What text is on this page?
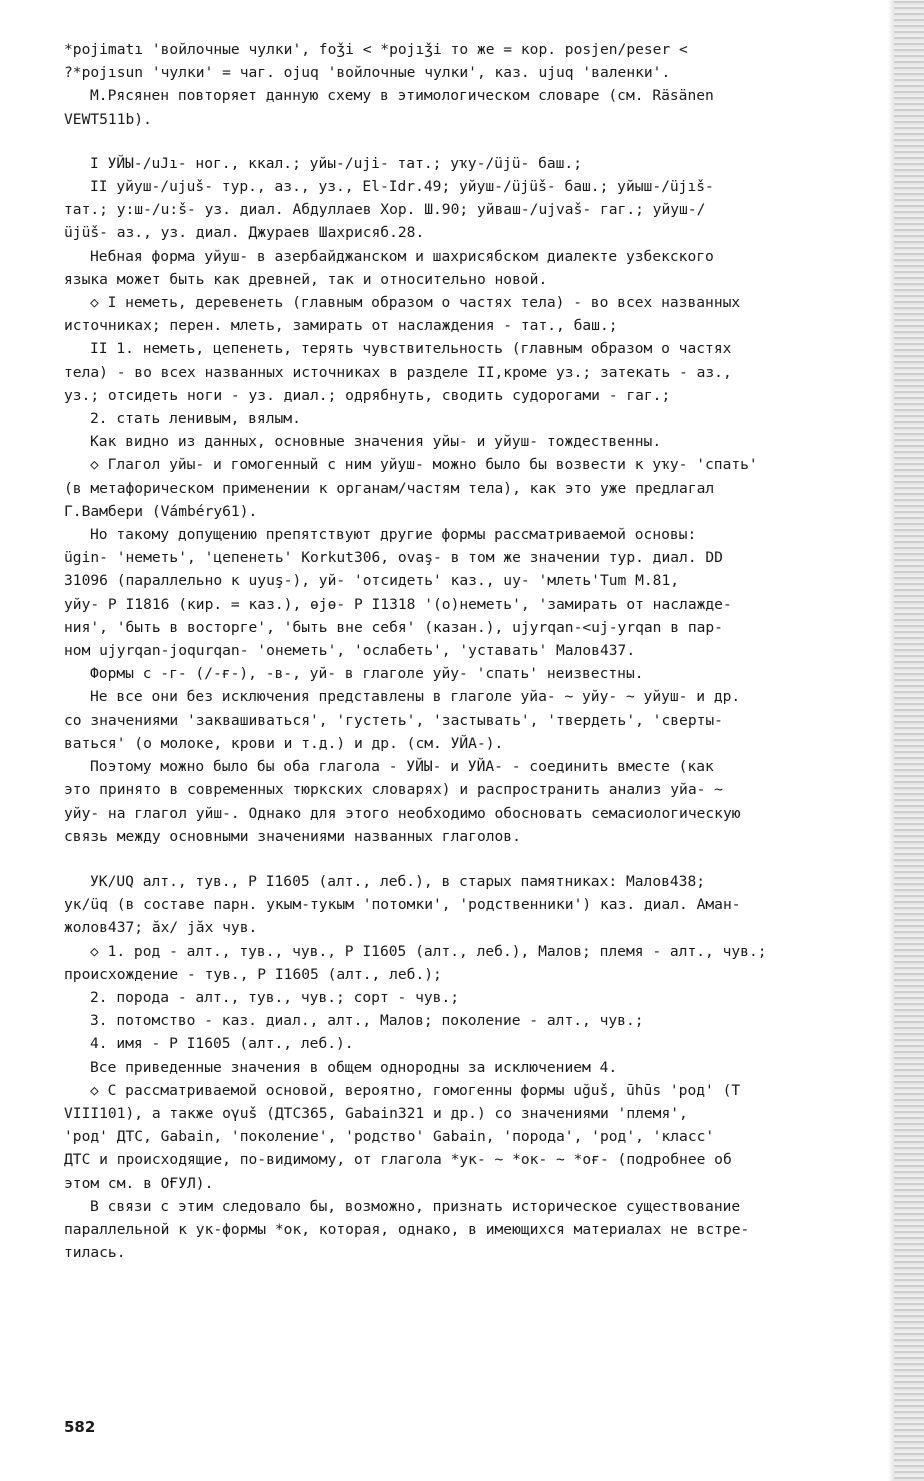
*pojimatı 'войлочные чулки', foǯi < *pojıǯi то же = кор. posjen/peser <
?*pojısun 'чулки' = чаг. ojuq 'войлочные чулки', каз. ujuq 'валенки'.
М.Рясянен повторяет данную схему в этимологическом словаре (см. Räsänen
VEWT511b).
I УЙЫ-/uJı- ног., ккал.; уйы-/uji- тат.; уҡу-/üjü- баш.;
II уйуш-/ujuš- тур., аз., уз., El-Idr.49; уйуш-/üjüš- баш.; уйыш-/üjıš-
тат.; у:ш-/u:š- уз. диал. Абдуллаев Хор. Ш.90; уйваш-/ujvaš- гаг.; уйуш-/
üjüš- аз., уз. диал. Джураев Шахрисяб.28.
Небная форма уйуш- в азербайджанском и шахрисябском диалекте узбекского
языка может быть как древней, так и относительно новой.
◇ I неметь, деревенеть (главным образом о частях тела) - во всех названных
источниках; перен. млеть, замирать от наслаждения - тат., баш.;
II 1. неметь, цепенеть, терять чувствительность (главным образом о частях
тела) - во всех названных источниках в разделе II,кроме уз.; затекать - аз.,
уз.; отсидеть ноги - уз. диал.; одрябнуть, сводить судорогами - гаг.;
2. стать ленивым, вялым.
Как видно из данных, основные значения уйы- и уйуш- тождественны.
◇ Глагол уйы- и гомогенный с ним уйуш- можно было бы возвести к уҡу- 'спать'
(в метафорическом применении к органам/частям тела), как это уже предлагал
Г.Вамбери (Vámbéry61).
Но такому допущению препятствуют другие формы рассматриваемой основы:
ügin- 'неметь', 'цепенеть' Korkut306, ovaş- в том же значении тур. диал. DD
31096 (параллельно к uyuş-), уй- 'отсидеть' каз., uy- 'млеть'Tum M.81,
уйу- Р I1816 (кир. = каз.), өjө- Р I1318 '(о)неметь', 'замирать от наслажде-
ния', 'быть в восторге', 'быть вне себя' (казан.), ujyrqan-<uj-yrqan в пар-
ном ujyrqan-joqurqan- 'онеметь', 'ослабеть', 'уставать' Малов437.
Формы с -г- (/-ғ-), -в-, уй- в глаголе уйу- 'спать' неизвестны.
Не все они без исключения представлены в глаголе уйа- ~ уйу- ~ уйуш- и др.
со значениями 'заквашиваться', 'густеть', 'застывать', 'твердеть', 'сверты-
ваться' (о молоке, крови и т.д.) и др. (см. УЙА-).
Поэтому можно было бы оба глагола - УЙЫ- и УЙА- - соединить вместе (как
это принято в современных тюркских словарях) и распространить анализ уйа- ~
уйу- на глагол уйш-. Однако для этого необходимо обосновать семасиологическую
связь между основными значениями названных глаголов.
УК/UQ алт., тув., Р I1605 (алт., леб.), в старых памятниках: Малов438;
ук/üq (в составе парн. укым-тукым 'потомки', 'родственники') каз. диал. Аман-
жолов437; ӑх/ jăх чув.
◇ 1. род - алт., тув., чув., Р I1605 (алт., леб.), Малов; племя - алт., чув.;
происхождение - тув., Р I1605 (алт., леб.);
2. порода - алт., тув., чув.; сорт - чув.;
3. потомство - каз. диал., алт., Малов; поколение - алт., чув.;
4. имя - Р I1605 (алт., леб.).
Все приведенные значения в общем однородны за исключением 4.
◇ С рассматриваемой основой, вероятно, гомогенны формы uğuš, ūhūs 'род' (Т
VIII101), а также oγuš (ДТС365, Gabain321 и др.) со значениями 'племя',
'род' ДТС, Gabain, 'поколение', 'родство' Gabain, 'порода', 'род', 'класс'
ДТС и происходящие, по-видимому, от глагола *ук- ~ *ок- ~ *оғ- (подробнее об
этом см. в ОҒУЛ).
В связи с этим следовало бы, возможно, признать историческое существование
параллельной к ук-формы *ок, которая, однако, в имеющихся материалах не встре-
тилась.
582
